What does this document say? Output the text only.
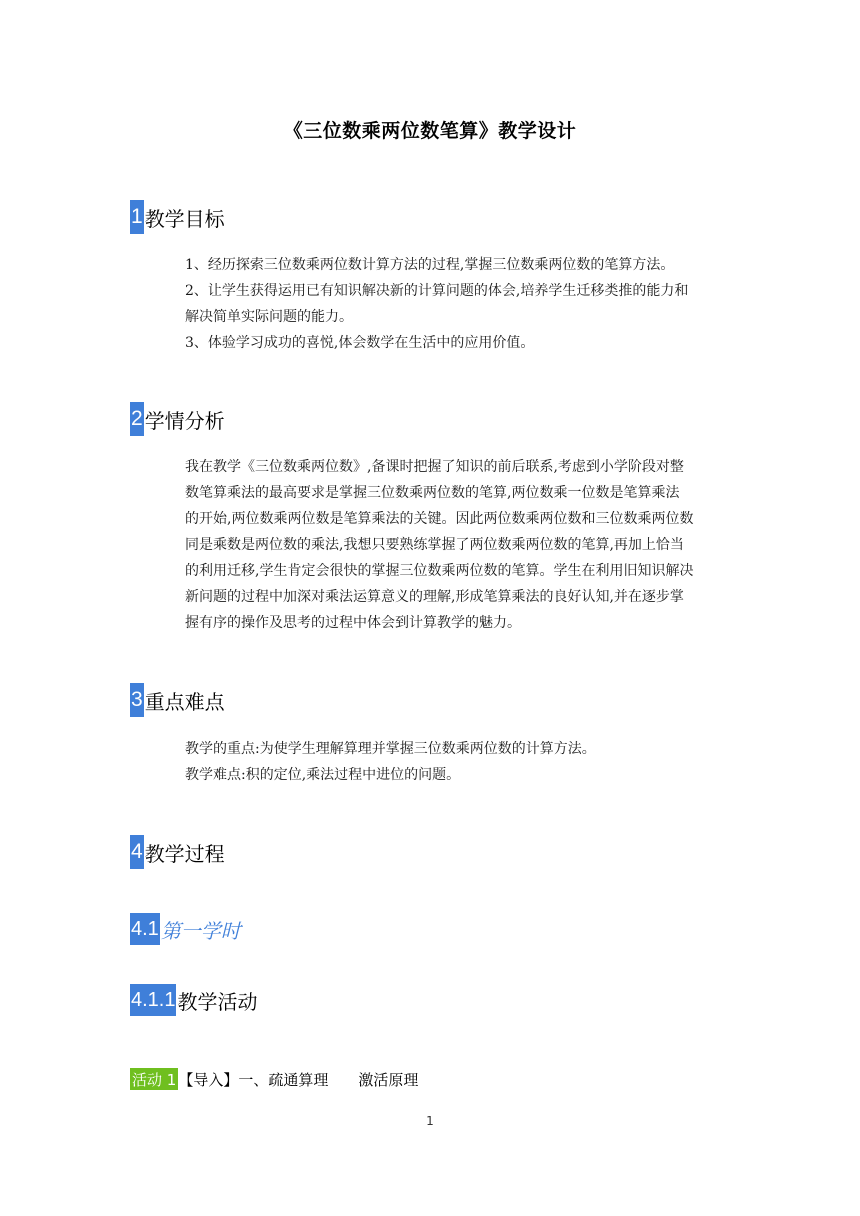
《三位数乘两位数笔算》教学设计
1 教学目标
1、经历探索三位数乘两位数计算方法的过程,掌握三位数乘两位数的笔算方法。
2、让学生获得运用已有知识解决新的计算问题的体会,培养学生迁移类推的能力和
解决简单实际问题的能力。
3、体验学习成功的喜悦,体会数学在生活中的应用价值。
2 学情分析
我在教学《三位数乘两位数》,备课时把握了知识的前后联系,考虑到小学阶段对整
数笔算乘法的最高要求是掌握三位数乘两位数的笔算,两位数乘一位数是笔算乘法
的开始,两位数乘两位数是笔算乘法的关键。因此两位数乘两位数和三位数乘两位数
同是乘数是两位数的乘法,我想只要熟练掌握了两位数乘两位数的笔算,再加上恰当
的利用迁移,学生肯定会很快的掌握三位数乘两位数的笔算。学生在利用旧知识解决
新问题的过程中加深对乘法运算意义的理解,形成笔算乘法的良好认知,并在逐步掌
握有序的操作及思考的过程中体会到计算教学的魅力。
3 重点难点
教学的重点:为使学生理解算理并掌握三位数乘两位数的计算方法。
教学难点:积的定位,乘法过程中进位的问题。
4 教学过程
4.1 第一学时
4.1.1 教学活动
活动 1 【导入】一、疏通算理 激活原理
1
